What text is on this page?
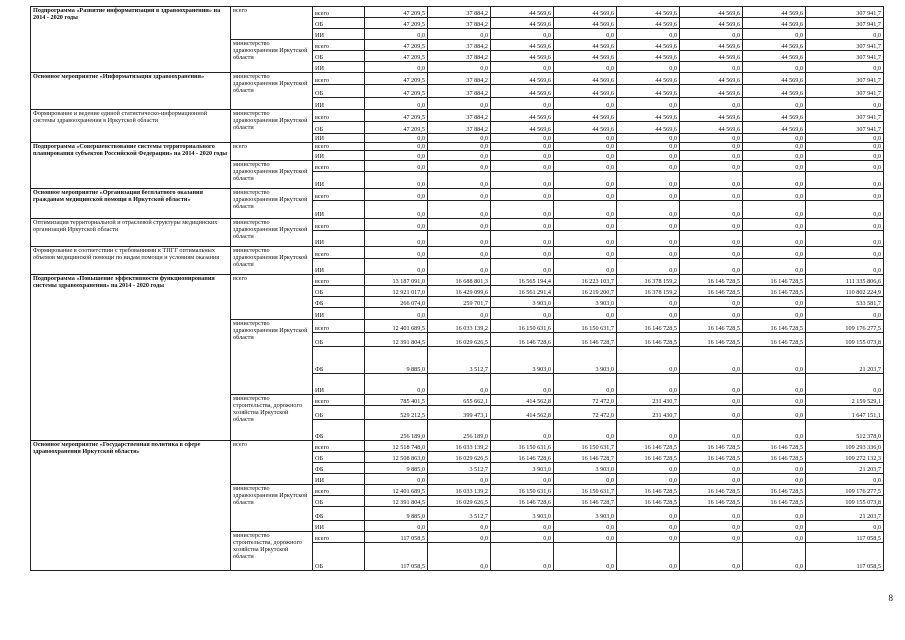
Подпрограмма «Развитие информатизации в здравоохранении» на 2014 - 2020 годы	всего	всего	47 209,5	37 884,2	44 569,6	44 569,6	44 569,6	44 569,6	44 569,6	307 941,7
		ОБ	47 209,5	37 884,2	44 569,6	44 569,6	44 569,6	44 569,6	44 569,6	307 941,7
		ИИ	0,0	0,0	0,0	0,0	0,0	0,0	0,0	0,0
	министерство здравоохранения Иркутской области	всего	47 209,5	37 884,2	44 569,6	44 569,6	44 569,6	44 569,6	44 569,6	307 941,7
		ОБ	47 209,5	37 884,2	44 569,6	44 569,6	44 569,6	44 569,6	44 569,6	307 941,7
		ИИ	0,0	0,0	0,0	0,0	0,0	0,0	0,0	0,0
Основное мероприятие «Информатизация здравоохранения»	министерство здравоохранения Иркутской области	всего	47 209,5	37 884,2	44 569,6	44 569,6	44 569,6	44 569,6	44 569,6	307 941,7
		ОБ	47 209,5	37 884,2	44 569,6	44 569,6	44 569,6	44 569,6	44 569,6	307 941,7
		ИИ	0,0	0,0	0,0	0,0	0,0	0,0	0,0	0,0
Формирование и ведение единой статистическо-информационной системы здравоохранения в Иркутской области	министерство здравоохранения Иркутской области	всего	47 209,5	37 884,2	44 569,6	44 569,6	44 569,6	44 569,6	44 569,6	307 941,7
		ОБ	47 209,5	37 884,2	44 569,6	44 569,6	44 569,6	44 569,6	44 569,6	307 941,7
		ИИ	0,0	0,0	0,0	0,0	0,0	0,0	0,0	0,0
Подпрограмма «Совершенствование системы территориального планирования субъектов Российской Федерации» на 2014 - 2020 годы	всего	всего	0,0	0,0	0,0	0,0	0,0	0,0	0,0	0,0
		ИИ	0,0	0,0	0,0	0,0	0,0	0,0	0,0	0,0
	министерство здравоохранения Иркутской области	всего	0,0	0,0	0,0	0,0	0,0	0,0	0,0	0,0
		ИИ	0,0	0,0	0,0	0,0	0,0	0,0	0,0	0,0
Основное мероприятие «Организация бесплатного оказания гражданам медицинской помощи в Иркутской области»	министерство здравоохранения Иркутской области	всего	0,0	0,0	0,0	0,0	0,0	0,0	0,0	0,0
		ИИ	0,0	0,0	0,0	0,0	0,0	0,0	0,0	0,0
Оптимизация территориальной и отраслевой структуры медицинских организаций Иркутской области	министерство здравоохранения Иркутской области	всего	0,0	0,0	0,0	0,0	0,0	0,0	0,0	0,0
		ИИ	0,0	0,0	0,0	0,0	0,0	0,0	0,0	0,0
Формирование в соответствии с требованиями к ТПГГ оптимальных объемов медицинской помощи по видам помощи и условиям оказания	министерство здравоохранения Иркутской области	всего	0,0	0,0	0,0	0,0	0,0	0,0	0,0	0,0
		ИИ	0,0	0,0	0,0	0,0	0,0	0,0	0,0	0,0
Подпрограмма «Повышение эффективности функционирования системы здравоохранения» на 2014 - 2020 годы	всего	всего	13 187 091,0	16 688 801,3	16 565 194,4	16 223 103,7	16 378 159,2	16 146 728,5	16 146 728,5	111 335 806,6
		ОБ	12 921 017,0	16 429 099,6	16 561 291,4	16 219 200,7	16 378 159,2	16 146 728,5	16 146 728,5	110 802 224,9
		ФБ	266 074,0	259 701,7	3 903,0	3 903,0	0,0	0,0	0,0	533 581,7
		ИИ	0,0	0,0	0,0	0,0	0,0	0,0	0,0	0,0
	министерство здравоохранения Иркутской области	всего	12 401 689,5	16 033 139,2	16 150 631,6	16 150 631,7	16 146 728,5	16 146 728,5	16 146 728,5	109 176 277,5
		ОБ	12 391 804,5	16 029 626,5	16 146 728,6	16 146 728,7	16 146 728,5	16 146 728,5	16 146 728,5	109 155 073,8
		ФБ	9 885,0	3 512,7	3 903,0	3 903,0	0,0	0,0	0,0	21 203,7
		ИИ	0,0	0,0	0,0	0,0	0,0	0,0	0,0	0,0
	министерство строительства, дорожного хозяйства Иркутской области	всего	785 401,5	655 662,1	414 562,8	72 472,0	231 430,7	0,0	0,0	2 159 529,1
		ОБ	529 212,5	399 473,1	414 562,8	72 472,0	231 430,7	0,0	0,0	1 647 151,1
		ФБ	256 189,0	256 189,0	0,0	0,0	0,0	0,0	0,0	512 378,0
Основное мероприятие «Государственная политика в сфере здравоохранения Иркутской области»	всего	всего	12 518 748,0	16 033 139,2	16 150 631,6	16 150 631,7	16 146 728,5	16 146 728,5	16 146 728,5	109 293 336,0
		ОБ	12 508 863,0	16 029 626,5	16 146 728,6	16 146 728,7	16 146 728,5	16 146 728,5	16 146 728,5	109 272 132,3
		ФБ	9 885,0	3 512,7	3 903,0	3 903,0	0,0	0,0	0,0	21 203,7
		ИИ	0,0	0,0	0,0	0,0	0,0	0,0	0,0	0,0
	министерство здравоохранения Иркутской области	всего	12 401 689,5	16 033 139,2	16 150 631,6	16 150 631,7	16 146 728,5	16 146 728,5	16 146 728,5	109 176 277,5
		ОБ	12 391 804,5	16 029 626,5	16 146 728,6	16 146 728,7	16 146 728,5	16 146 728,5	16 146 728,5	109 155 073,8
		ФБ	9 885,0	3 512,7	3 903,0	3 903,0	0,0	0,0	0,0	21 203,7
		ИИ	0,0	0,0	0,0	0,0	0,0	0,0	0,0	0,0
	министерство строительства, дорожного хозяйства Иркутской области	всего	117 058,5	0,0	0,0	0,0	0,0	0,0	0,0	117 058,5
		ОБ	117 058,5	0,0	0,0	0,0	0,0	0,0	0,0	117 058,5
8
